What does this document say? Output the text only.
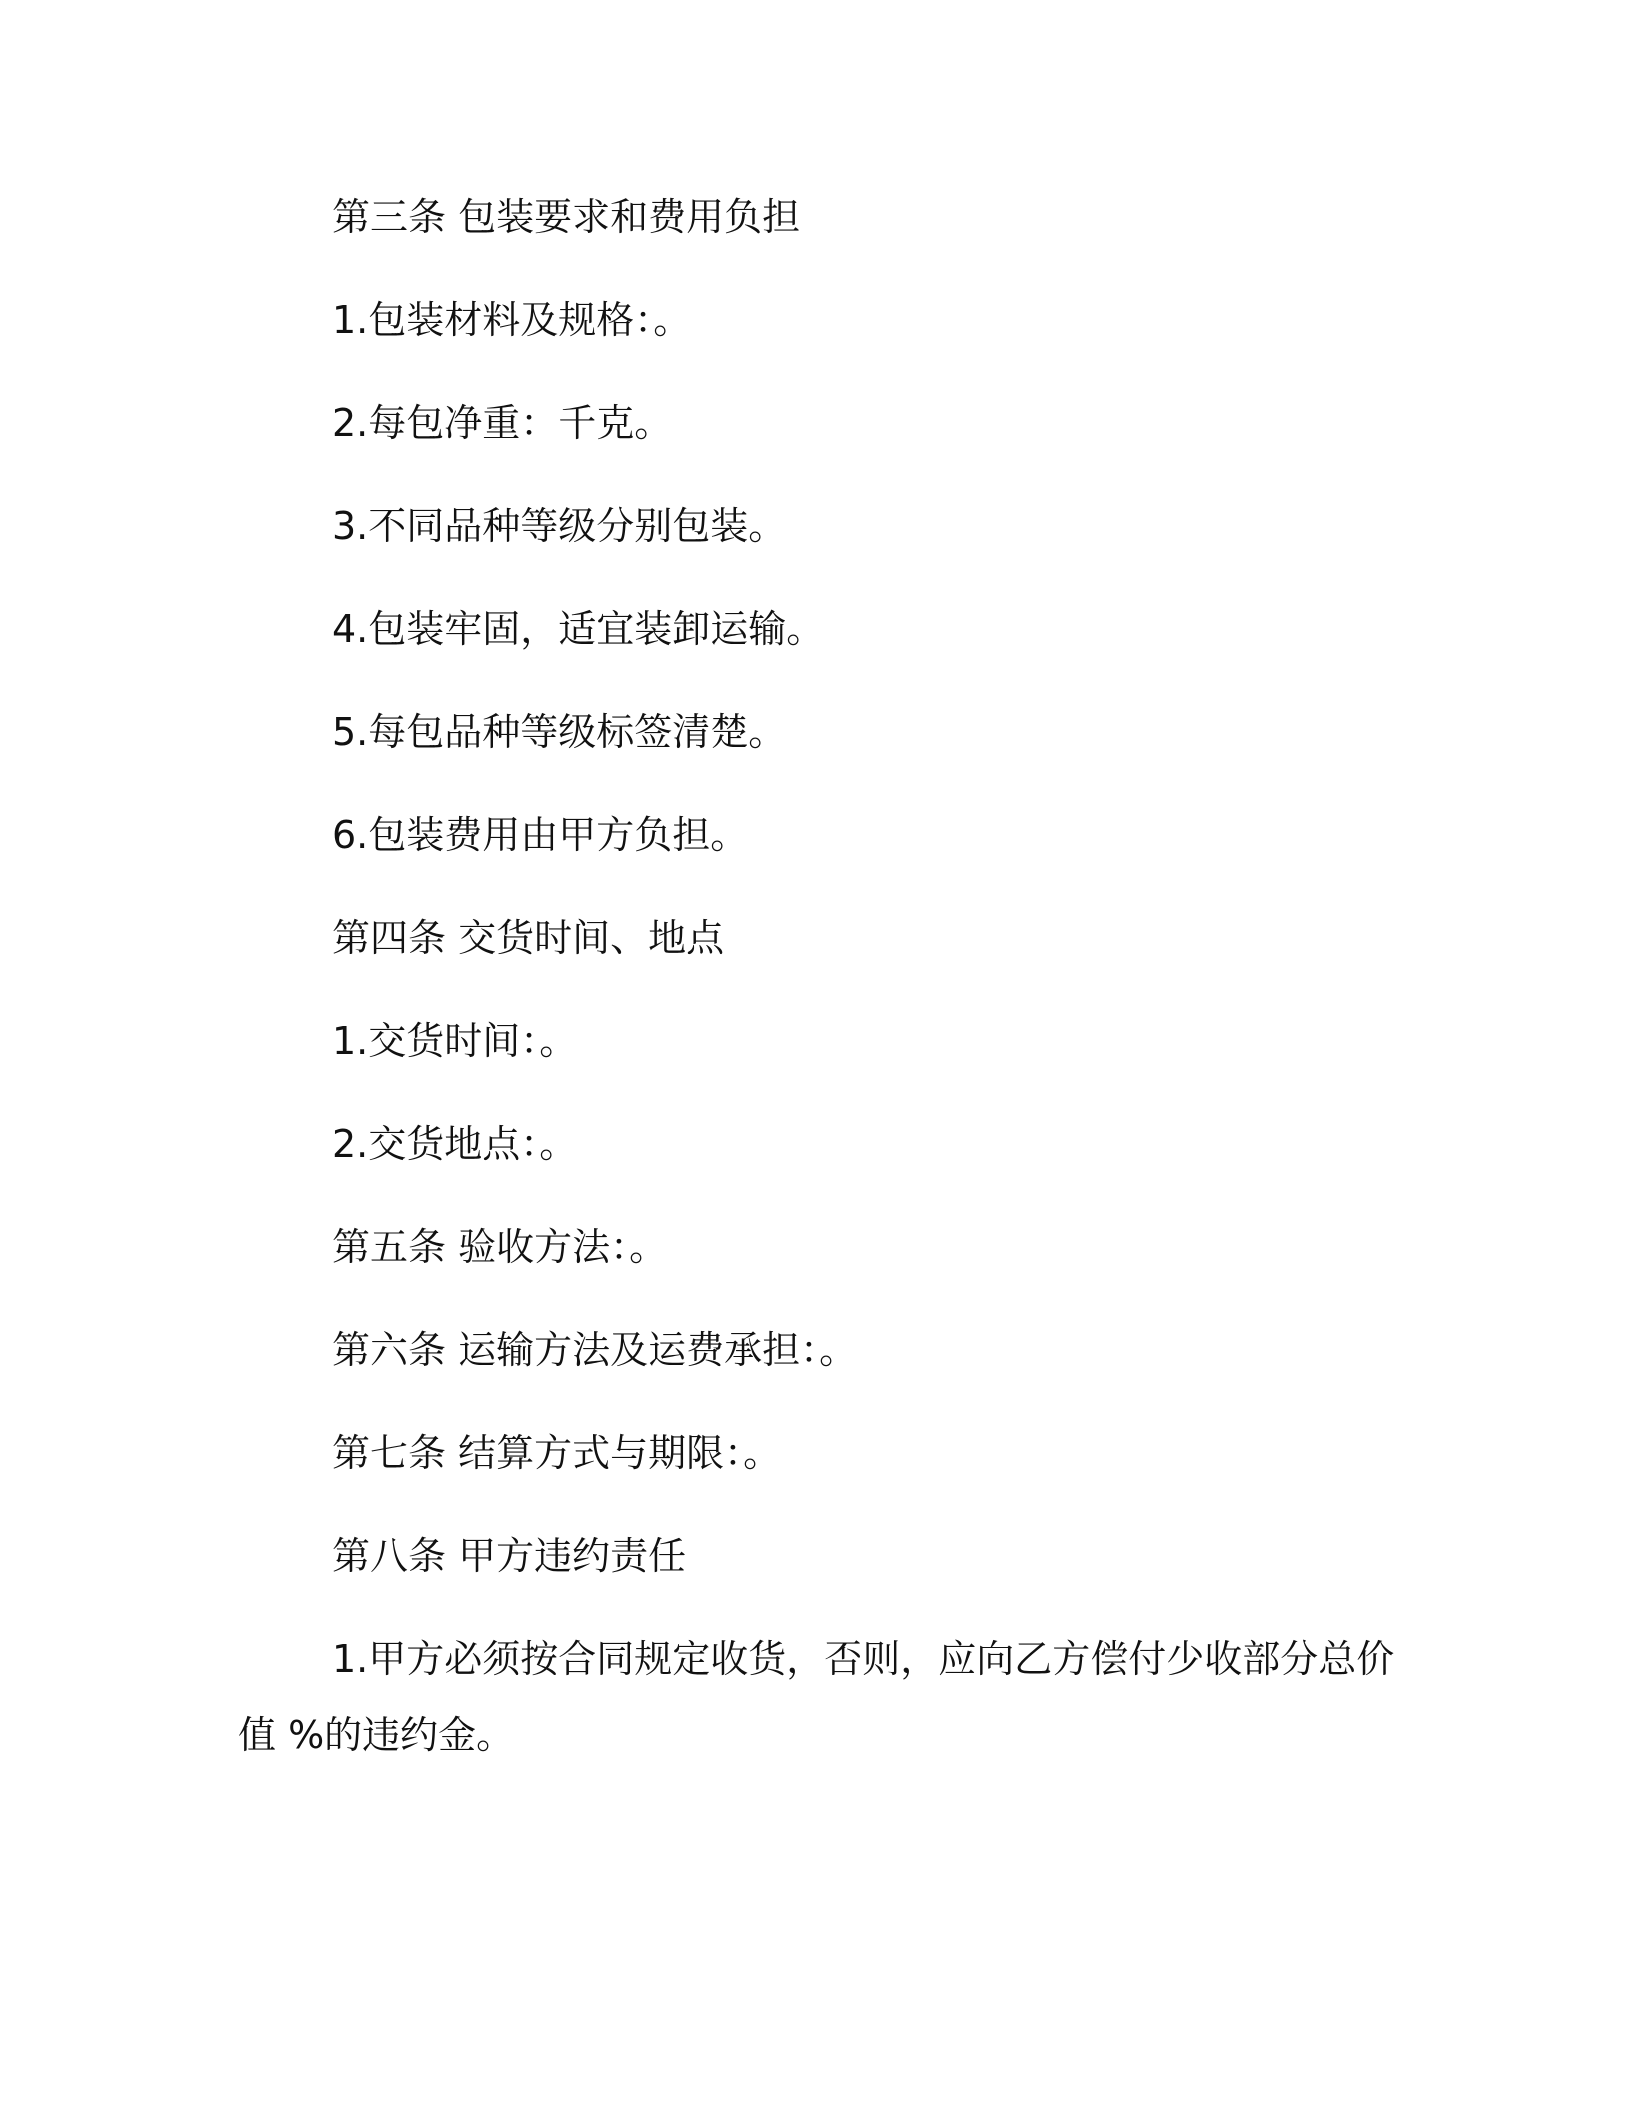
第三条 包装要求和费用负担
1.包装材料及规格：。
2.每包净重：千克。
3.不同品种等级分别包装。
4.包装牢固，适宜装卸运输。
5.每包品种等级标签清楚。
6.包装费用由甲方负担。
第四条 交货时间、地点
1.交货时间：。
2.交货地点：。
第五条 验收方法：。
第六条 运输方法及运费承担：。
第七条 结算方式与期限：。
第八条 甲方违约责任
1.甲方必须按合同规定收货，否则，应向乙方偿付少收部分总价
值 %的违约金。
